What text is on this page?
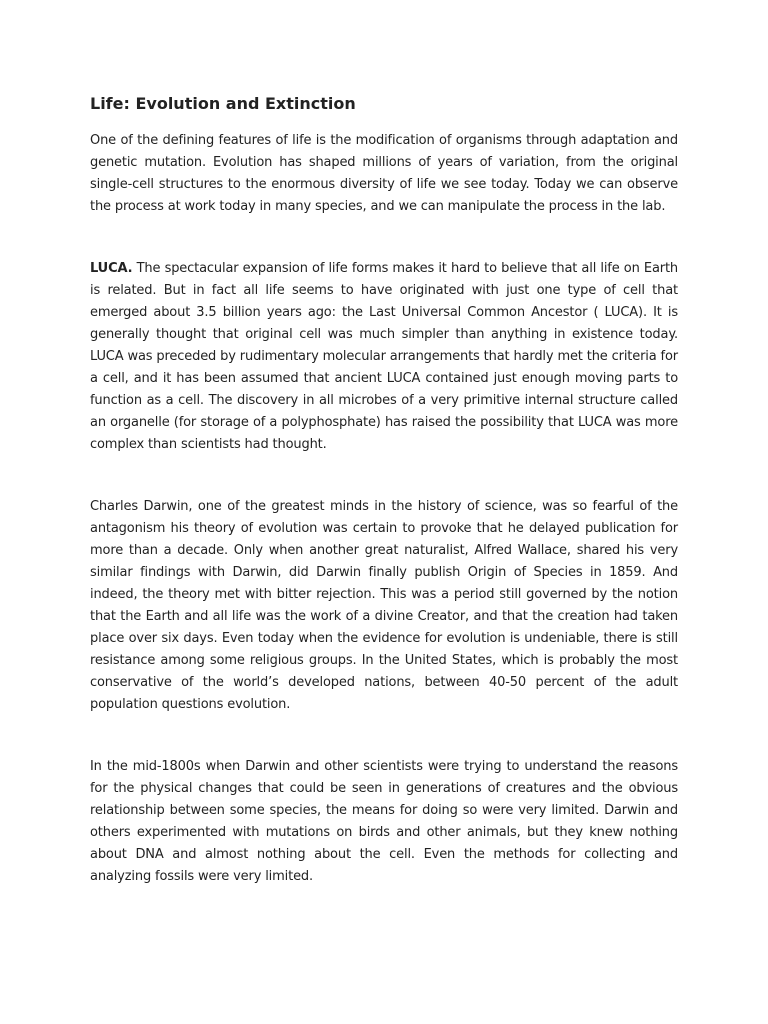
Life: Evolution and Extinction

One of the defining features of life is the modification of organisms through adaptation and genetic mutation. Evolution has shaped millions of years of variation, from the original single-cell structures to the enormous diversity of life we see today. Today we can observe the process at work today in many species, and we can manipulate the process in the lab.

LUCA. The spectacular expansion of life forms makes it hard to believe that all life on Earth is related. But in fact all life seems to have originated with just one type of cell that emerged about 3.5 billion years ago: the Last Universal Common Ancestor ( LUCA). It is generally thought that original cell was much simpler than anything in existence today. LUCA was preceded by rudimentary molecular arrangements that hardly met the criteria for a cell, and it has been assumed that ancient LUCA contained just enough moving parts to function as a cell. The discovery in all microbes of a very primitive internal structure called an organelle (for storage of a polyphosphate) has raised the possibility that LUCA was more complex than scientists had thought.

Charles Darwin, one of the greatest minds in the history of science, was so fearful of the antagonism his theory of evolution was certain to provoke that he delayed publication for more than a decade. Only when another great naturalist, Alfred Wallace, shared his very similar findings with Darwin, did Darwin finally publish Origin of Species in 1859. And indeed, the theory met with bitter rejection. This was a period still governed by the notion that the Earth and all life was the work of a divine Creator, and that the creation had taken place over six days. Even today when the evidence for evolution is undeniable, there is still resistance among some religious groups. In the United States, which is probably the most conservative of the world’s developed nations, between 40-50 percent of the adult population questions evolution.

In the mid-1800s when Darwin and other scientists were trying to understand the reasons for the physical changes that could be seen in generations of creatures and the obvious relationship between some species, the means for doing so were very limited. Darwin and others experimented with mutations on birds and other animals, but they knew nothing about DNA and almost nothing about the cell. Even the methods for collecting and analyzing fossils were very limited.
